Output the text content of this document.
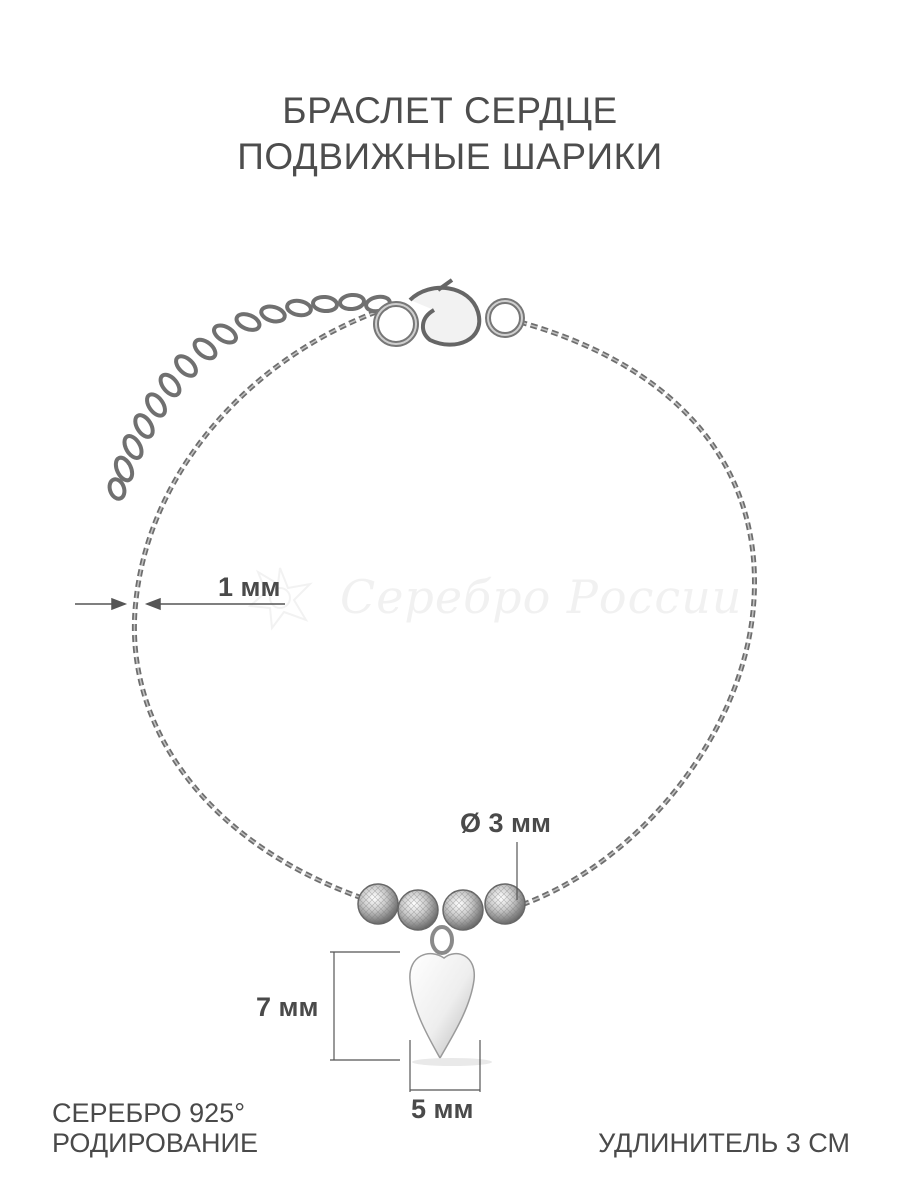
БРАСЛЕТ СЕРДЦЕ
ПОДВИЖНЫЕ ШАРИКИ
Серебро России
1 мм
Ø 3 мм
7 мм
5 мм
СЕРЕБРО 925°
РОДИРОВАНИЕ	УДЛИНИТЕЛЬ 3 СМ
